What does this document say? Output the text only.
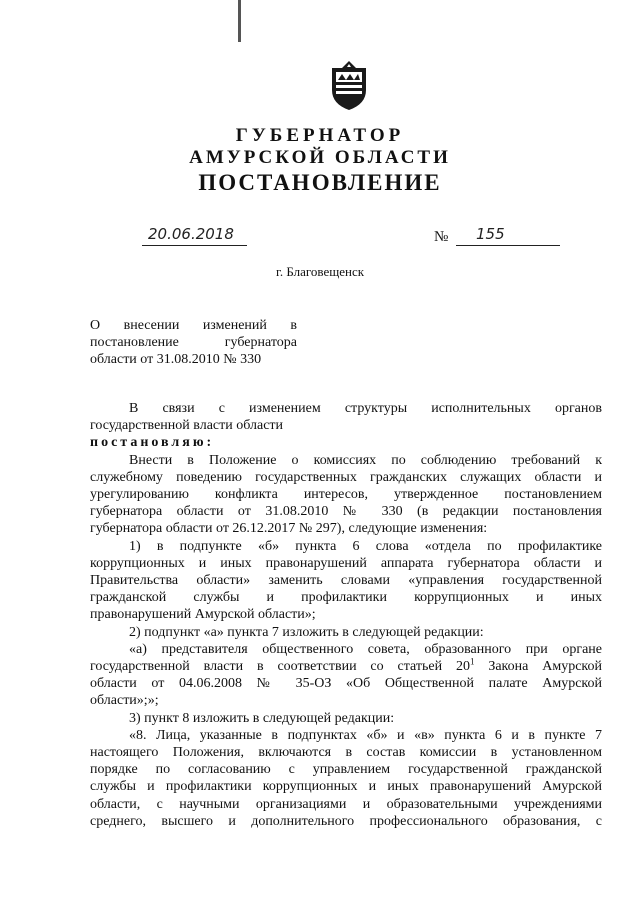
ГУБЕРНАТОР
АМУРСКОЙ ОБЛАСТИ
ПОСТАНОВЛЕНИЕ
20.06.2018	№ 155
г. Благовещенск
О внесении изменений в
постановление губернатора
области от 31.08.2010 № 330
В связи с изменением структуры исполнительных органов
государственной власти области
постановляю:
Внести в Положение о комиссиях по соблюдению требований к
служебному поведению государственных гражданских служащих области и
урегулированию конфликта интересов, утвержденное постановлением
губернатора области от 31.08.2010 № 330 (в редакции постановления
губернатора области от 26.12.2017 № 297), следующие изменения:
1) в подпункте «б» пункта 6 слова «отдела по профилактике
коррупционных и иных правонарушений аппарата губернатора области и
Правительства области» заменить словами «управления государственной
гражданской службы и профилактики коррупционных и иных
правонарушений Амурской области»;
2) подпункт «а» пункта 7 изложить в следующей редакции:
«а) представителя общественного совета, образованного при органе
государственной власти в соответствии со статьей $20^1$ Закона Амурской
области от 04.06.2008 № 35-ОЗ «Об Общественной палате Амурской
области»;»;
3) пункт 8 изложить в следующей редакции:
«8. Лица, указанные в подпунктах «б» и «в» пункта 6 и в пункте 7
настоящего Положения, включаются в состав комиссии в установленном
порядке по согласованию с управлением государственной гражданской
службы и профилактики коррупционных и иных правонарушений Амурской
области, с научными организациями и образовательными учреждениями
среднего, высшего и дополнительного профессионального образования, с
